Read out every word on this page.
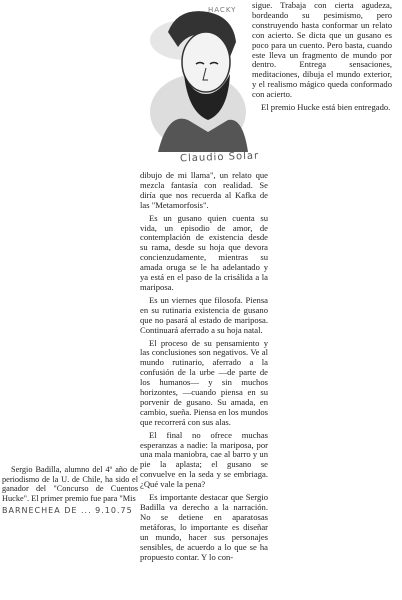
HACKY
Claudio Solar

sigue. Trabaja con cierta agudeza, bordeando su pesimismo, pero construyendo hasta conformar un relato con acierto. Se dicta que un gusano es poco para un cuento. Pero basta, cuando este lleva un fragmento de mundo por dentro. Entrega sensaciones, meditaciones, dibuja el mundo exterior, y el realismo mágico queda conformado con acierto.

El premio Hucke está bien entregado.

dibujo de mi llama", un relato que mezcla fantasía con realidad. Se diría que nos recuerda al Kafka de las "Metamorfosis".

Es un gusano quien cuenta su vida, un episodio de amor, de contemplación de existencia desde su rama, desde su hoja que devora concienzudamente, mientras su amada oruga se le ha adelantado y ya está en el paso de la crisálida a la mariposa.

Es un viernes que filosofa. Piensa en su rutinaria existencia de gusano que no pasará al estado de mariposa. Continuará aferrado a su hoja natal.

El proceso de su pensamiento y las conclusiones son negativos. Ve al mundo rutinario, aferrado a la confusión de la urbe —de parte de los humanos— y sin muchos horizontes, —cuando piensa en su porvenir de gusano. Su amada, en cambio, sueña. Piensa en los mundos que recorrerá con sus alas.

El final no ofrece muchas esperanzas a nadie: la mariposa, por una mala maniobra, cae al barro y un pie la aplasta; el gusano se convuelve en la seda y se embriaga. ¿Qué vale la pena?

Es importante destacar que Sergio Badilla va derecho a la narración. No se detiene en aparatosas metáforas, lo importante es diseñar un mundo, hacer sus personajes sensibles, de acuerdo a lo que se ha propuesto contar. Y lo con-

Sergio Badilla, alumno del 4º año de periodismo de la U. de Chile, ha sido el ganador del "Concurso de Cuentos Hucke". El primer premio fue para "Mis

BARNECHEA DE ... 9.10.75
